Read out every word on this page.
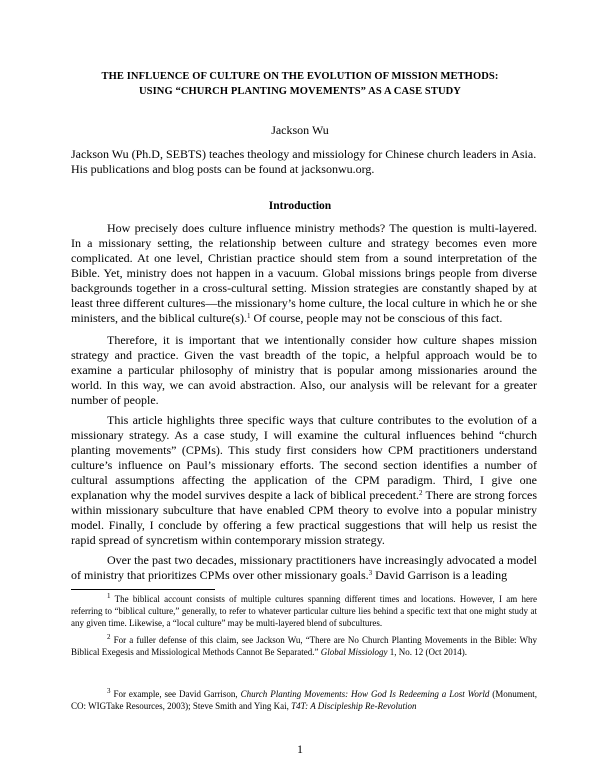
THE INFLUENCE OF CULTURE ON THE EVOLUTION OF MISSION METHODS:
USING “CHURCH PLANTING MOVEMENTS” AS A CASE STUDY
Jackson Wu
Jackson Wu (Ph.D, SEBTS) teaches theology and missiology for Chinese church leaders in Asia. His publications and blog posts can be found at jacksonwu.org.
Introduction
How precisely does culture influence ministry methods? The question is multi-layered. In a missionary setting, the relationship between culture and strategy becomes even more complicated. At one level, Christian practice should stem from a sound interpretation of the Bible. Yet, ministry does not happen in a vacuum. Global missions brings people from diverse backgrounds together in a cross-cultural setting. Mission strategies are constantly shaped by at least three different cultures—the missionary’s home culture, the local culture in which he or she ministers, and the biblical culture(s).$^1$ Of course, people may not be conscious of this fact.
Therefore, it is important that we intentionally consider how culture shapes mission strategy and practice. Given the vast breadth of the topic, a helpful approach would be to examine a particular philosophy of ministry that is popular among missionaries around the world. In this way, we can avoid abstraction. Also, our analysis will be relevant for a greater number of people.
This article highlights three specific ways that culture contributes to the evolution of a missionary strategy. As a case study, I will examine the cultural influences behind “church planting movements” (CPMs). This study first considers how CPM practitioners understand culture’s influence on Paul’s missionary efforts. The second section identifies a number of cultural assumptions affecting the application of the CPM paradigm. Third, I give one explanation why the model survives despite a lack of biblical precedent.$^2$ There are strong forces within missionary subculture that have enabled CPM theory to evolve into a popular ministry model. Finally, I conclude by offering a few practical suggestions that will help us resist the rapid spread of syncretism within contemporary mission strategy.
Over the past two decades, missionary practitioners have increasingly advocated a model of ministry that prioritizes CPMs over other missionary goals.$^3$ David Garrison is a leading
$^1$ The biblical account consists of multiple cultures spanning different times and locations. However, I am here referring to “biblical culture,” generally, to refer to whatever particular culture lies behind a specific text that one might study at any given time. Likewise, a “local culture” may be multi-layered blend of subcultures.
$^2$ For a fuller defense of this claim, see Jackson Wu, “There are No Church Planting Movements in the Bible: Why Biblical Exegesis and Missiological Methods Cannot Be Separated.” Global Missiology 1, No. 12 (Oct 2014).
$^3$ For example, see David Garrison, Church Planting Movements: How God Is Redeeming a Lost World (Monument, CO: WIGTake Resources, 2003); Steve Smith and Ying Kai, T4T: A Discipleship Re-Revolution
1
